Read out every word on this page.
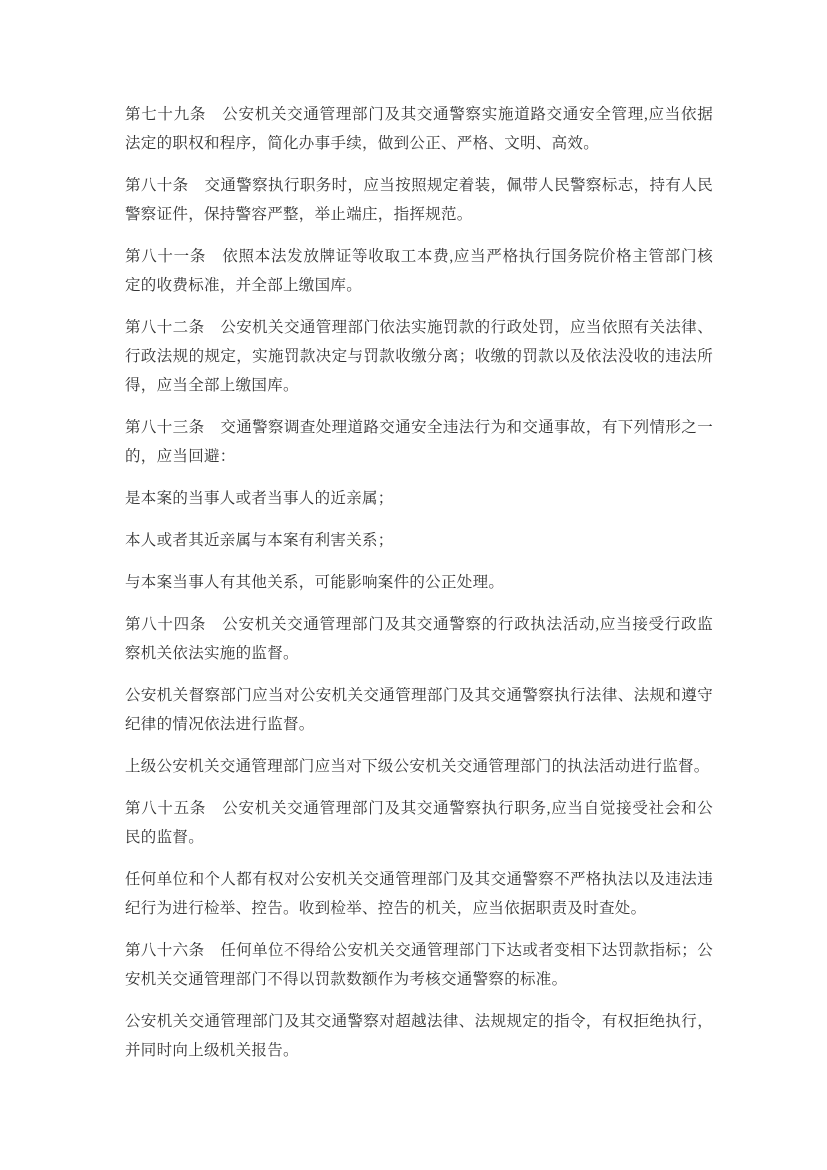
第七十九条　公安机关交通管理部门及其交通警察实施道路交通安全管理,应当依据法定的职权和程序，简化办事手续，做到公正、严格、文明、高效。

第八十条　交通警察执行职务时，应当按照规定着装，佩带人民警察标志，持有人民警察证件，保持警容严整，举止端庄，指挥规范。

第八十一条　依照本法发放牌证等收取工本费,应当严格执行国务院价格主管部门核定的收费标准，并全部上缴国库。

第八十二条　公安机关交通管理部门依法实施罚款的行政处罚，应当依照有关法律、行政法规的规定，实施罚款决定与罚款收缴分离；收缴的罚款以及依法没收的违法所得，应当全部上缴国库。

第八十三条　交通警察调查处理道路交通安全违法行为和交通事故，有下列情形之一的，应当回避：

是本案的当事人或者当事人的近亲属；

本人或者其近亲属与本案有利害关系；

与本案当事人有其他关系，可能影响案件的公正处理。

第八十四条　公安机关交通管理部门及其交通警察的行政执法活动,应当接受行政监察机关依法实施的监督。

公安机关督察部门应当对公安机关交通管理部门及其交通警察执行法律、法规和遵守纪律的情况依法进行监督。

上级公安机关交通管理部门应当对下级公安机关交通管理部门的执法活动进行监督。

第八十五条　公安机关交通管理部门及其交通警察执行职务,应当自觉接受社会和公民的监督。

任何单位和个人都有权对公安机关交通管理部门及其交通警察不严格执法以及违法违纪行为进行检举、控告。收到检举、控告的机关，应当依据职责及时查处。

第八十六条　任何单位不得给公安机关交通管理部门下达或者变相下达罚款指标；公安机关交通管理部门不得以罚款数额作为考核交通警察的标准。

公安机关交通管理部门及其交通警察对超越法律、法规规定的指令，有权拒绝执行，并同时向上级机关报告。
